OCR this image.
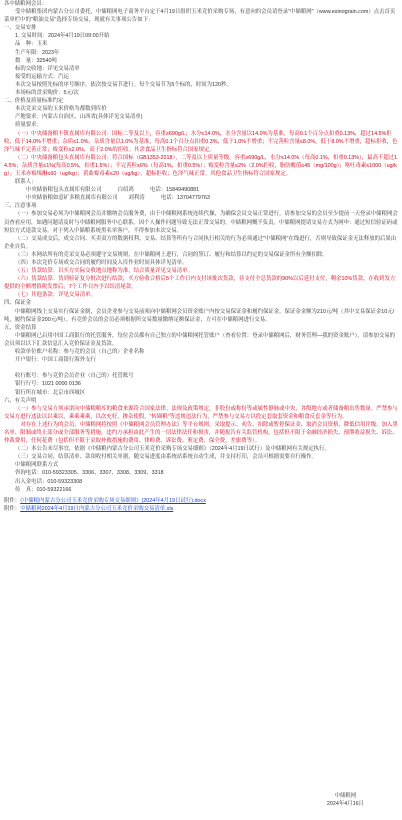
各中储粮网会员：

受中储粮集团内蒙古分公司委托，中储粮网电子商务平台定于4月19日组织玉米竞价采购专场，有意向的会员请登录"中储粮网"（www.esinograin.com）点击首页菜单栏中的"粮油交易"选择专场交易，现就有关事项公告如下：

一、交易安排

1. 交易时间：2024年4月19日09:00开始

品　种：玉米

生产年限：2023年

数　量：32540吨

标的交收地：详见交易清单

接受的运输方式：汽运

本次交易按照先标的序号顺序，依次按交易节进行。每个交易节为5个标的，时间为120秒。

本场标的盘采购价：5元/次

二、价格及质量标准约定

本次竞采交易的玉米价格为都数到库价

产地要求：内蒙古自治区、山西省(具体详见交易清单)

质量要求：

（一）中央储备粮丰镇直属库有限公司：国标二等及以上，容重≥690g/L；水分≤14.0%，水分含量以14.0%为基准，每高0.1个百分点扣重0.13%，超过14.5%拒收，低于14.0%不增重；杂质≤1.0%，杂质含量以1.0%为基准，每高0.1个百分点扣重0.3%，低于1.0%不增重；不完善粒含量≤8.0%，低于8.0%不增重，超标拒收，色泽气味不完善正常；霉变粒≤2.0%，高于2.0%的拒收。其余食品卫生指标符合国家规定。

（二）中央储备粮包头直属库有限公司：符合国标（GB1353-2018），二等及以上质量等级，容重≥690g/L，水分≤14.0%（每高0.1%，扣重0.13%），最高不超过14.5%；杂质含量≤1%(每高0.5%，扣重1.5%）；不完善粒≤6%（每高1%，扣重0.5%）；霉变粒含量≤2%（2.0%拒收，脂肪酸值≤45（mg/100g）；呕吐毒素≤1000（ug/kg）；玉米赤霉烯酮≤60（ug/kg）；黄曲霉毒素≤20（ug/kg），超标拒收；色泽气味正常。其他食品卫生指标符合国家规定。

联系人：

中央储备粮包头直属库有限公司　　　白绍鸿　　　电话：15849490881

中央储备粮如意矿多粮直属库有限公司　　刘利涛　　　电话：13704779763

三、注意事项

（一）参加交易必须为中储粮网会员并缴纳会员服务费，由于中储粮网系统连续代操，为确保会员交易正常进行，请参加交易的会员至少提前一天登录中储粮网会员查看应用，如遇问题请及时与中储粮网服务中心联系。因个人操作问题导致无法正常交易的，中储粮网概不负责。中储粮网提请交易方式为网申：通过短信验证码或短信方式退款交易。对于列入中储粮系统黑名单客户，不得参加本次交易。

（二）交易成交后，成交合同、买卖双方的数据权利、交易、结算等所有与合同执行相关的行为必须通过"中储粮网"在线进行，否则导致保证金无法释放的后果由企业自负。

（三）本网站所有的竞采交易必须遵守交易规则，在中储粮网上进行，合同的签订、履行和结算以约定的交易保证金所有全额扣除。

（四）本次竞价专场成交合同的履约时间及入库作业时间具体详见清单。

（五）货款结算：以买方实际交收地点地称为准，结合质量详见交易清单。

（六）货款结算：货到验证复分批次进行结款，买方验收合格后5个工作日内支付该批次货款，待支付全总货款的90%以后延付支付，剩余10%货款，在收到发方提供的全额增值税发票后，7个工作日内予以结清尾款。

（七）其他条款：详见交易清单。

四、保证金

中储粮网线上交易实行保证金制，会员企业参与交易前须向中储粮网会员资金账户内按交易保证金和履约保证金，保证金金额为210元/吨（其中交易保证金10元/吨，履约保证金200元/吨）。有竞价会员的会员必须根据所交易数量缴纳足额保证金，方可在中储粮网进行交易。

五、资金结算

中储粮网已启用中国工商银行的托管服务，每位会员都有自己独立的中储粮网托管账户（查看位置：登录中储粮网后，财务管理—我的资金账户），请参加交易的会员须以以下汇款信息汇入竞价保证金及货款。

收款单位账户名称：参与竞的会员（自己的）企业名称

开户银行：中国工商银行海外支行

收行账号：参与竞价会员企业（自己的）托管账号

银行行号：1021 0000 0136

银行所在城市：北京市西城区

六、有关声明

（一）参与交易方须承诺向中储粮粮库的粮食来源符合国家法律、法规及政策规定，非股份或称份等或属性静脉或中央、各级地方或者储备粮出售数量。严禁参与交易方进行违法以以乘以，乘乘乘乘，以次充好，掺杂使假，"转圈粮"等违规违法行为，严禁参与交易方以投定套取套资金和粮食反套金等行为。

　对存在上述行为的会员，中储粮网将按照《中储粮网会员管理办法》等平台规则，采取提示、劝告、扣除或暂停保证金、取消会员资格、降低信用评级、加入黑名单、限制或终止部分或全部服务等措施，违约方承担由此产生的一切法律法任和损害，并随报告有关监管机构，包括但不限于金融经济损失、预期收益损失、诉讼、仲裁费用、任何花费（包括但不限于采取补救措施的费用、律师费、诉讼费、鉴定费、保全费、差旅费等）。

（二）本公告未尽事宜，依据《中储粮内蒙古分公司玉米竞价采购专场交易细则》（2024年4月19日试行）及中储粮网有关规定执行。

（三）交易合同、结算清单、款项收付相关单据，随交易进度由系统站系统自动生成，并支持打印，会员可根据需要自行操作。

中储粮网联系方式

咨询电话：010-59323305、3306、3307、3308、3309、3318

出入金电话：010-59323308

传　真：010-59322166

附件：《中储粮内蒙古分公司玉米竞价采购专场交易细则》(2024年4月19日试行).docx

附件：中储粮网2024年4月19日内蒙古分公司玉米竞价采购交易清单.xls

中储粮网
2024年4月16日
